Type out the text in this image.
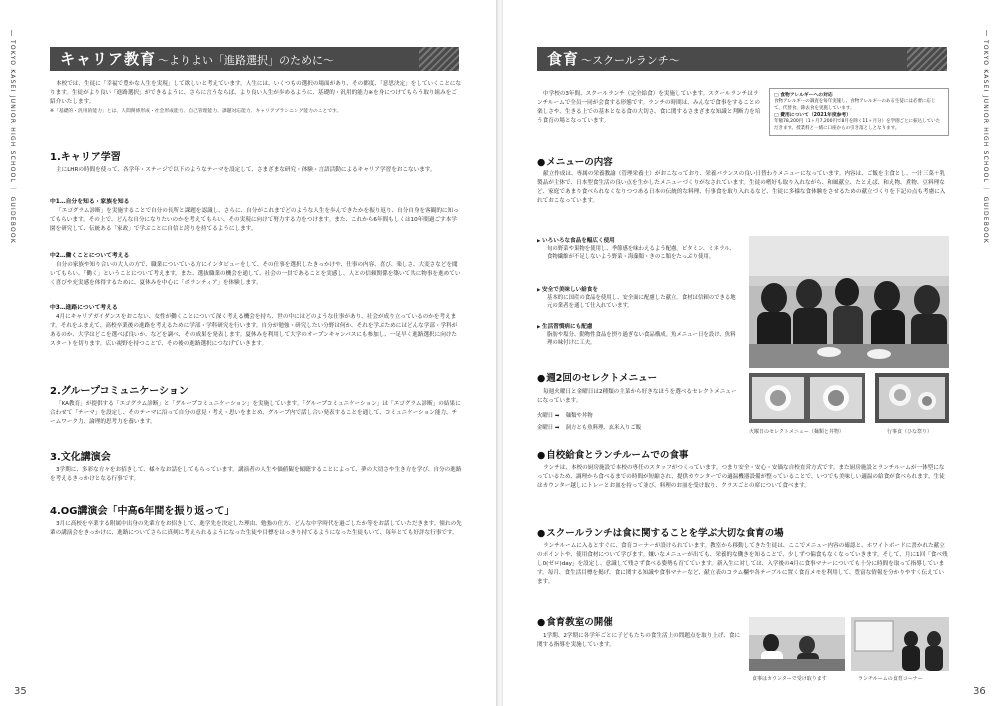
TOKYO KASEI JUNIOR HIGH SCHOOL ｜ GUIDEBOOK	キャリア教育 ～よりよい「進路選択」のために～

本校では、生徒に「幸福で豊かな人生を実現」して欲しいと考えています。人生には、いくつもの選択の場面があり、その都度、「意思決定」をしていくことになります。生徒がより良い「進路選択」ができるように、さらに言うならば、より良い人生が歩めるように、基礎的・汎用的能力※を身につけてもらう取り組みをご紹介いたします。

※「基礎的・汎用的能力」とは、人間関係形成・社会形成能力、自己管理能力、課題対応能力、キャリアプランニング能力のことです。

1.キャリア学習

主にLHRの時間を使って、各学年・ステージで以下のようなテーマを設定して、さまざまな研究・体験・言語活動によるキャリア学習をおこないます。

中1…自分を知る・家族を知る

「エゴグラム診断」を実施することで自分の長所と課題を認識し、さらに、自分がこれまでどのような人生を歩んできたかを振り返り、自分自身を客観的に知ってもらいます。その上で、どんな自分になりたいのかを考えてもらい、その実現に向けて努力する力をつけます。また、これから6年間もしくは10年間過ごす本学園を研究して、伝統ある「家政」で学ぶことに自信と誇りを持てるようにします。

中2…働くことについて考える

自分の家族や知り合いの大人の方で、職業についている方にインタビューをして、その仕事を選択したきっかけや、仕事の内容、喜び、楽しさ、大変さなどを聞いてもらい、「働く」ということについて考えます。また、選抜職業の機会を通して、社会の一員であることを実感し、人との信頼関係を築いて共に物事を進めていく喜びや充実感を体得するために、夏休みを中心に「ボランティア」を体験します。

中3…進路について考える

4月にキャリアガイダンスをおこない、女性が働くことについて深く考える機会を持ち、世の中にはどのような仕事があり、社会が成り立っているのかを考えます。それをふまえて、高校卒業後の進路を考えるために学部・学科研究を行います。自分が勉強・研究したい分野は何か、それを学ぶためにはどんな学部・学科があるのか、大学はどこを選べば良いか、などを調べ、その成果を発表します。夏休みを利用して大学のオープンキャンパスにも参加し、一足早く進路選択に向けたスタートを切ります。広い視野を持つことで、その後の進路選択につなげていきます。

2.グループコミュニケーション

「KA教育」が提供する「エゴグラム診断」と「グループコミュニケーション」を実施しています。「グループコミュニケーション」は「エゴグラム診断」の結果に合わせて「テーマ」を設定し、そのテーマに沿って自分の意見・考え・思いをまとめ、グループ内で話し合い発表することを通して、コミュニケーション能力、チームワーク力、論理的思考力を養います。

3.文化講演会

3学期に、多彩な方々をお招きして、様々なお話をしてもらっています。講演者の人生や価値観を傾聴することによって、夢の大切さや生き方を学び、自分の進路を考えるきっかけとなる行事です。

4.OG講演会「中高6年間を振り返って」

3月に高校を卒業する附属中出身の先輩方をお招きして、進学先を決定した理由、勉強の仕方、どんな中学時代を過ごしたか等をお話していただきます。憧れの先輩の講演会をきっかけに、進路についてさらに真剣に考えられるようになった生徒や目標をはっきり持てるようになった生徒もいて、毎年とても好評な行事です。

35
TOKYO KASEI JUNIOR HIGH SCHOOL ｜ GUIDEBOOK
食育 ～スクールランチ～

中学校の3年間、スクールランチ（完全給食）を実施しています。スクールランチはランチルームで全员一同が会食する形態です。ランチの時間は、みんなで食事をすることの楽しさや、生きる上での基本となる食の大切さ、食に関するさまざまな知識と判断力を培う食育の場となっています。

□ 食物アレルギーへの対応
食物アレルギーの調査を毎年実施し、食物アレルギーのある生徒には必要に応じて、代替食、除去食を実施しています。
□ 費用について（2021年度参考）
年額78,200円（1ヶ月7,200円で8月を除く11ヶ月分）を学園ごとに振込していただきます。授業料と一緒に口座からの引き落としとなります。
● メニューの内容

献立作成は、専属の栄養教諭（管理栄養士）がおこなっており、栄養バランスの良い日替わりメニューになっています。内容は、ご飯を主食とし、一汁三菜＋乳製品が主体で、日本型食生活の良い点を生かしたメニューづくりがなされています。生徒の嗜好も取り入れながら、和風献立、たとえば、和え物、煮物、豆料理など、家庭であまり食べられなくなりつつある日本の伝統的な料理、行事食を取り入れるなど、生徒に多様な食体験をさせるための献立づくりを下記の点も考慮に入れておこなっています。

▶ いろいろな食品を幅広く使用

旬の野菜や果物を使用し、季節感を味わえるよう配慮。ビタミン、ミネラル、食物繊維が不足しないよう野菜・海藻類・きのこ類をたっぷり使用。

▶ 安全で美味しい給食を

基本的に国産の食品を使用し、安全面に配慮した献立。食材は信頼のできる地元の業者を通して仕入れています。

▶ 生活習慣病にも配慮

脂肪や塩分、動物性食品を摂り過ぎない食品構成。魚メニュー日を設け、魚料理の味付けに工夫。

● 週2回のセレクトメニュー

毎週火曜日と金曜日は2種類の主菜から好きなほうを選べるセレクトメニューになっています。

火曜日 ➡ 麺類や丼物
金曜日 ➡ 洞方とも魚料理、玄米入りご飯
火曜日のセレクトメニュー（麺類と丼物）	行事食（ひな祭り）
● 自校給食とランチルームでの食事

ランチは、本校の厨房施設で本校の専任のスタッフがつくっています。つまり安全・安心・安価な自校直営方式です。また厨房施設とランチルームが一体型になっているため、調理から食べるまでの時間が短縮され、提供カウンターでの適温機器設備が整っていることで、いつでも美味しい適温の給食が食べられます。生徒はカウンター越しにトレーとお皿を持って並び、料理のお皿を受け取り、クラスごとの席について食べます。

● スクールランチは食に関することを学ぶ大切な食育の場

ランチルームに入るとすぐに、食育コーナーが設けられています。教室から移動してきた生徒は、ここでメニュー内容の確認と、ホワイトボードに書かれた献立のポイントや、使用食材について学びます。嫌いなメニューが出ても、栄養的な働きを知ることで、少しずつ偏食もなくなっていきます。そして、月に1回「食べ残し0(ゼロ)day」を設定し、意識して残さず食べる姿勢も育てています。新入生に対しては、入学後の4月に食事マナーについても十分に時間を取って指導しています。毎月、食生活目標を掲げ、食に関する知識や食事マナーなど、献立表のコラム欄や各テーブルに置く食育メモを利用して、豊富な情報を分かりやすく伝えています。

● 食育教室の開催

1学期、2学期に各学年ごとに子どもたちの食生活上の問題点を取り上げ、食に関する指導を実施しています。

食事はカウンターで受け取ります	ランチルームの食育コーナー
36
